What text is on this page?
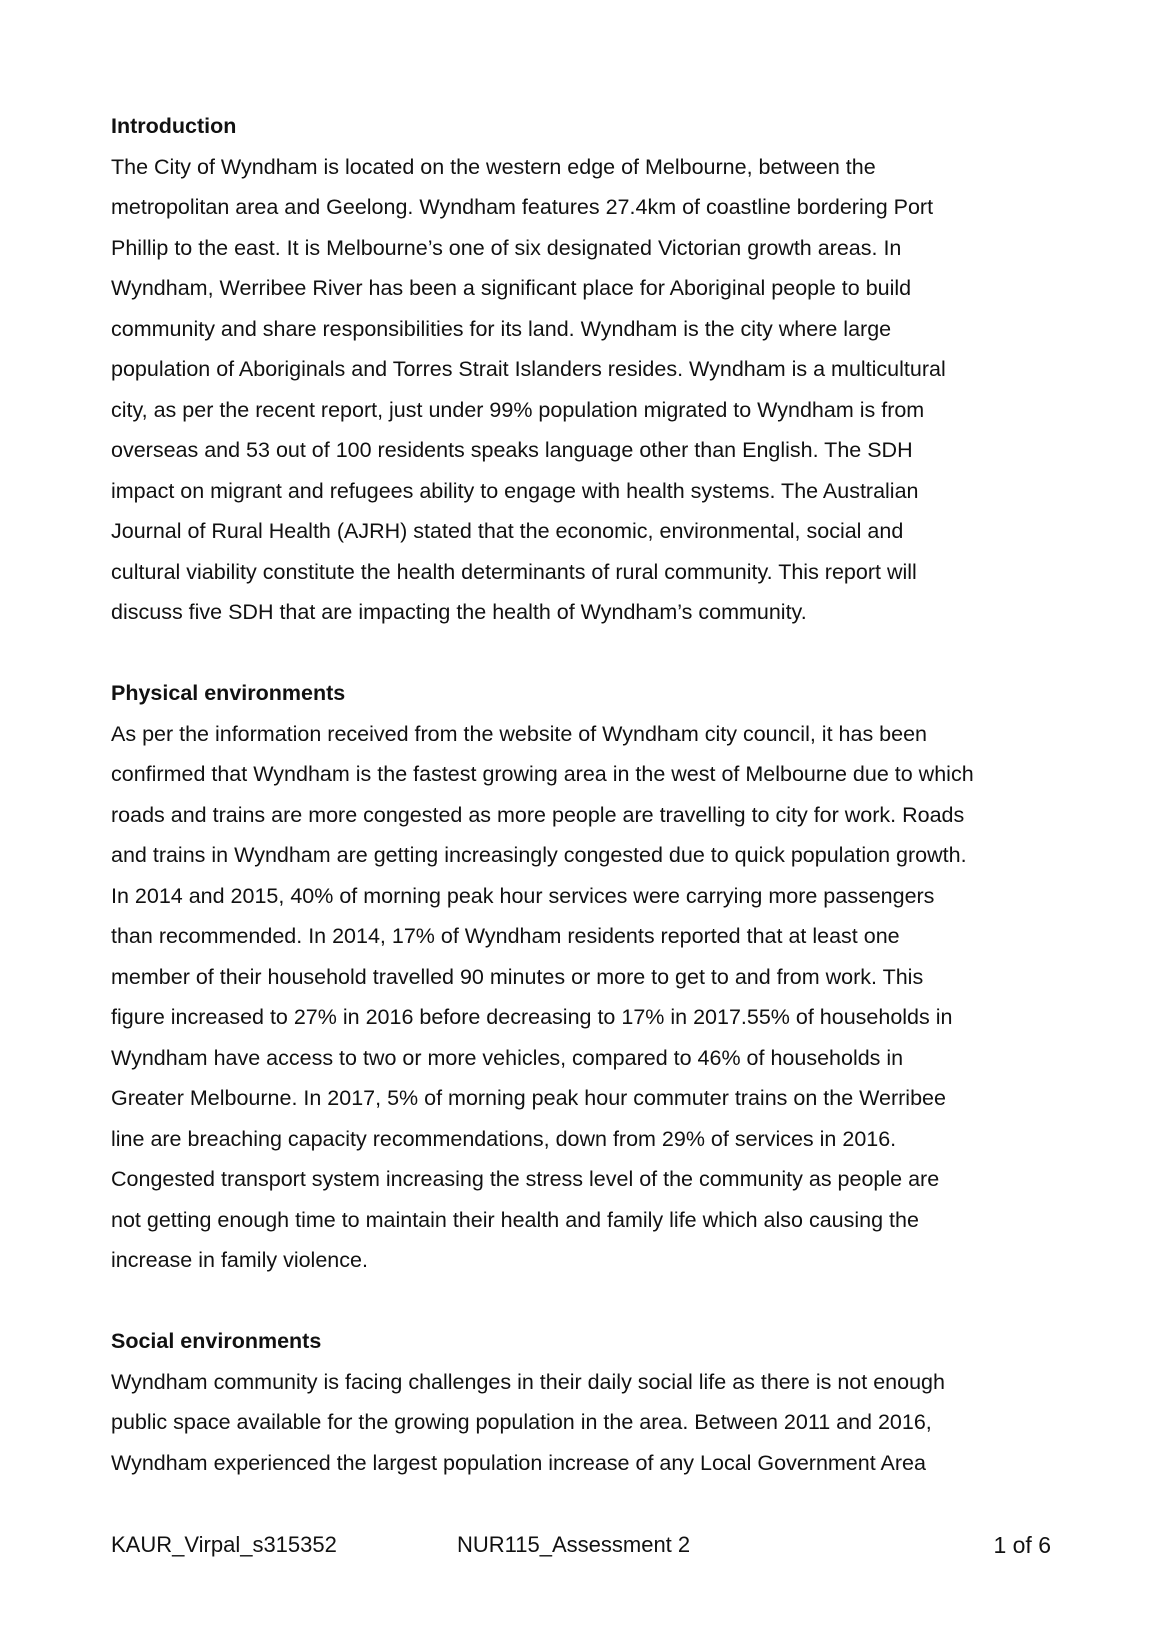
Introduction
The City of Wyndham is located on the western edge of Melbourne, between the
metropolitan area and Geelong. Wyndham features 27.4km of coastline bordering Port
Phillip to the east. It is Melbourne’s one of six designated Victorian growth areas. In
Wyndham, Werribee River has been a significant place for Aboriginal people to build
community and share responsibilities for its land. Wyndham is the city where large
population of Aboriginals and Torres Strait Islanders resides. Wyndham is a multicultural
city, as per the recent report, just under 99% population migrated to Wyndham is from
overseas and 53 out of 100 residents speaks language other than English. The SDH
impact on migrant and refugees ability to engage with health systems. The Australian
Journal of Rural Health (AJRH) stated that the economic, environmental, social and
cultural viability constitute the health determinants of rural community. This report will
discuss five SDH that are impacting the health of Wyndham’s community.
Physical environments
As per the information received from the website of Wyndham city council, it has been
confirmed that Wyndham is the fastest growing area in the west of Melbourne due to which
roads and trains are more congested as more people are travelling to city for work. Roads
and trains in Wyndham are getting increasingly congested due to quick population growth.
In 2014 and 2015, 40% of morning peak hour services were carrying more passengers
than recommended. In 2014, 17% of Wyndham residents reported that at least one
member of their household travelled 90 minutes or more to get to and from work. This
figure increased to 27% in 2016 before decreasing to 17% in 2017.55% of households in
Wyndham have access to two or more vehicles, compared to 46% of households in
Greater Melbourne. In 2017, 5% of morning peak hour commuter trains on the Werribee
line are breaching capacity recommendations, down from 29% of services in 2016.
Congested transport system increasing the stress level of the community as people are
not getting enough time to maintain their health and family life which also causing the
increase in family violence.
Social environments
Wyndham community is facing challenges in their daily social life as there is not enough
public space available for the growing population in the area. Between 2011 and 2016,
Wyndham experienced the largest population increase of any Local Government Area
KAUR_Virpal_s315352	NUR115_Assessment 2	1 of 6
